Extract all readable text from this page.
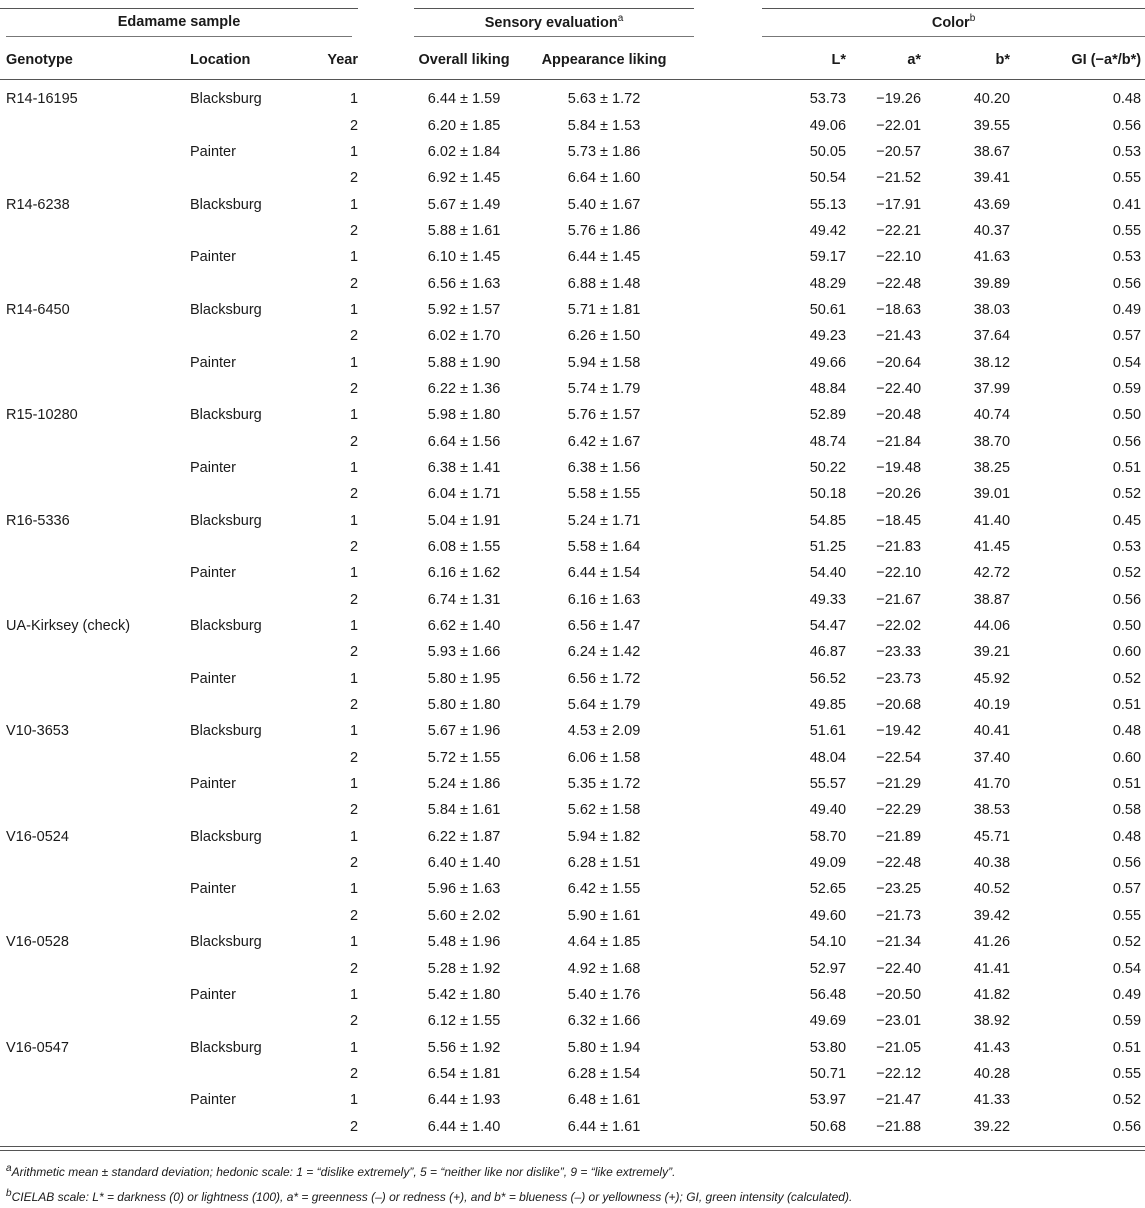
Edamame sample				Sensory evaluation$^a$			Color$^b$

Genotype	Location	Year		Overall liking	Appearance liking		L*	a*	b*	GI (−a*/b*)
R14-16195	Blacksburg	1		6.44 ± 1.59	5.63 ± 1.72		53.73	−19.26	40.20	0.48
		2		6.20 ± 1.85	5.84 ± 1.53		49.06	−22.01	39.55	0.56
	Painter	1		6.02 ± 1.84	5.73 ± 1.86		50.05	−20.57	38.67	0.53
		2		6.92 ± 1.45	6.64 ± 1.60		50.54	−21.52	39.41	0.55
R14-6238	Blacksburg	1		5.67 ± 1.49	5.40 ± 1.67		55.13	−17.91	43.69	0.41
		2		5.88 ± 1.61	5.76 ± 1.86		49.42	−22.21	40.37	0.55
	Painter	1		6.10 ± 1.45	6.44 ± 1.45		59.17	−22.10	41.63	0.53
		2		6.56 ± 1.63	6.88 ± 1.48		48.29	−22.48	39.89	0.56
R14-6450	Blacksburg	1		5.92 ± 1.57	5.71 ± 1.81		50.61	−18.63	38.03	0.49
		2		6.02 ± 1.70	6.26 ± 1.50		49.23	−21.43	37.64	0.57
	Painter	1		5.88 ± 1.90	5.94 ± 1.58		49.66	−20.64	38.12	0.54
		2		6.22 ± 1.36	5.74 ± 1.79		48.84	−22.40	37.99	0.59
R15-10280	Blacksburg	1		5.98 ± 1.80	5.76 ± 1.57		52.89	−20.48	40.74	0.50
		2		6.64 ± 1.56	6.42 ± 1.67		48.74	−21.84	38.70	0.56
	Painter	1		6.38 ± 1.41	6.38 ± 1.56		50.22	−19.48	38.25	0.51
		2		6.04 ± 1.71	5.58 ± 1.55		50.18	−20.26	39.01	0.52
R16-5336	Blacksburg	1		5.04 ± 1.91	5.24 ± 1.71		54.85	−18.45	41.40	0.45
		2		6.08 ± 1.55	5.58 ± 1.64		51.25	−21.83	41.45	0.53
	Painter	1		6.16 ± 1.62	6.44 ± 1.54		54.40	−22.10	42.72	0.52
		2		6.74 ± 1.31	6.16 ± 1.63		49.33	−21.67	38.87	0.56
UA-Kirksey (check)	Blacksburg	1		6.62 ± 1.40	6.56 ± 1.47		54.47	−22.02	44.06	0.50
		2		5.93 ± 1.66	6.24 ± 1.42		46.87	−23.33	39.21	0.60
	Painter	1		5.80 ± 1.95	6.56 ± 1.72		56.52	−23.73	45.92	0.52
		2		5.80 ± 1.80	5.64 ± 1.79		49.85	−20.68	40.19	0.51
V10-3653	Blacksburg	1		5.67 ± 1.96	4.53 ± 2.09		51.61	−19.42	40.41	0.48
		2		5.72 ± 1.55	6.06 ± 1.58		48.04	−22.54	37.40	0.60
	Painter	1		5.24 ± 1.86	5.35 ± 1.72		55.57	−21.29	41.70	0.51
		2		5.84 ± 1.61	5.62 ± 1.58		49.40	−22.29	38.53	0.58
V16-0524	Blacksburg	1		6.22 ± 1.87	5.94 ± 1.82		58.70	−21.89	45.71	0.48
		2		6.40 ± 1.40	6.28 ± 1.51		49.09	−22.48	40.38	0.56
	Painter	1		5.96 ± 1.63	6.42 ± 1.55		52.65	−23.25	40.52	0.57
		2		5.60 ± 2.02	5.90 ± 1.61		49.60	−21.73	39.42	0.55
V16-0528	Blacksburg	1		5.48 ± 1.96	4.64 ± 1.85		54.10	−21.34	41.26	0.52
		2		5.28 ± 1.92	4.92 ± 1.68		52.97	−22.40	41.41	0.54
	Painter	1		5.42 ± 1.80	5.40 ± 1.76		56.48	−20.50	41.82	0.49
		2		6.12 ± 1.55	6.32 ± 1.66		49.69	−23.01	38.92	0.59
V16-0547	Blacksburg	1		5.56 ± 1.92	5.80 ± 1.94		53.80	−21.05	41.43	0.51
		2		6.54 ± 1.81	6.28 ± 1.54		50.71	−22.12	40.28	0.55
	Painter	1		6.44 ± 1.93	6.48 ± 1.61		53.97	−21.47	41.33	0.52
		2		6.44 ± 1.40	6.44 ± 1.61		50.68	−21.88	39.22	0.56
$^a$Arithmetic mean ± standard deviation; hedonic scale: 1 = “dislike extremely”, 5 = “neither like nor dislike”, 9 = “like extremely”.
$^b$CIELAB scale: L* = darkness (0) or lightness (100), a* = greenness (–) or redness (+), and b* = blueness (–) or yellowness (+); GI, green intensity (calculated).
